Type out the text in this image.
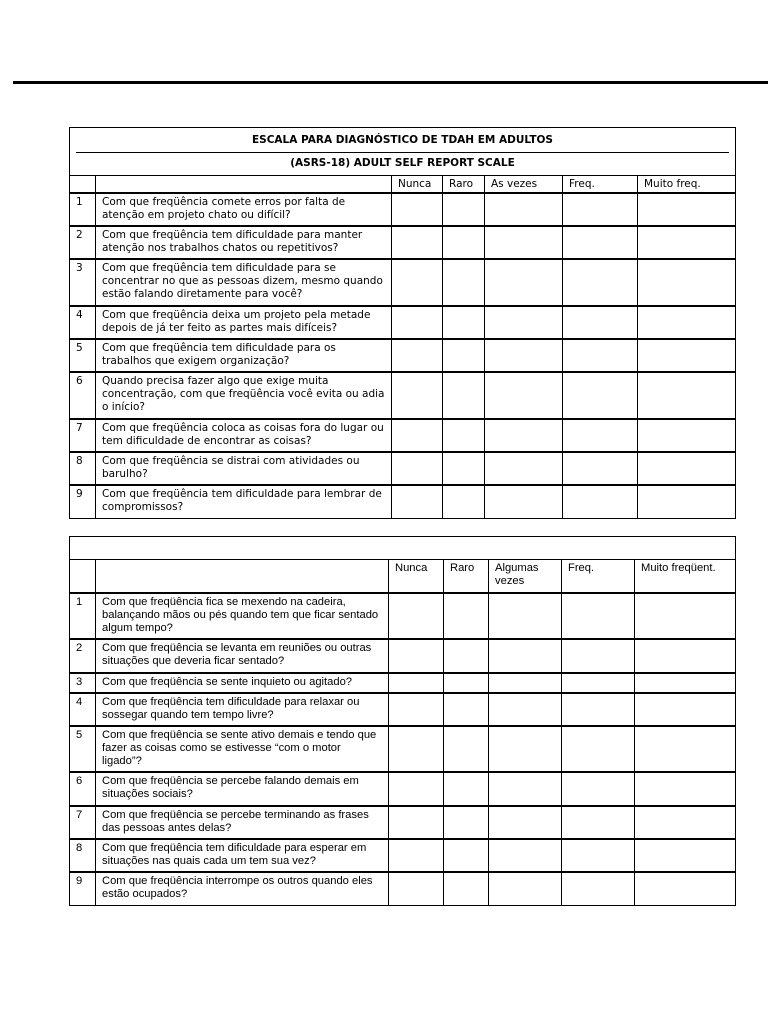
ESCALA PARA DIAGNÓSTICO DE TDAH EM ADULTOS
(ASRS-18) ADULT SELF REPORT SCALE						

		Nunca	Raro	As vezes	Freq.	Muito freq.
1	Com que freqüência comete erros por falta de atenção em projeto chato ou difícil?					
2	Com que freqüência tem dificuldade para manter atenção nos trabalhos chatos ou repetitivos?					
3	Com que freqüência tem dificuldade para se concentrar no que as pessoas dizem, mesmo quando estão falando diretamente para você?					
4	Com que freqüência deixa um projeto pela metade depois de já ter feito as partes mais difíceis?					
5	Com que freqüência tem dificuldade para os trabalhos que exigem organização?					
6	Quando precisa fazer algo que exige muita concentração, com que freqüência você evita ou adia o início?					
7	Com que freqüência coloca as coisas fora do lugar ou tem dificuldade de encontrar as coisas?					
8	Com que freqüência se distrai com atividades ou barulho?					
9	Com que freqüência tem dificuldade para lembrar de compromissos?					

		Nunca	Raro	Algumas vezes	Freq.	Muito freqüent.
1	Com que freqüência fica se mexendo na cadeira, balançando mãos ou pés quando tem que ficar sentado algum tempo?					
2	Com que freqüência se levanta em reuniões ou outras situações que deveria ficar sentado?					
3	Com que freqüência se sente inquieto ou agitado?					
4	Com que freqüência tem dificuldade para relaxar ou sossegar quando tem tempo livre?					
5	Com que freqüência se sente ativo demais e tendo que fazer as coisas como se estivesse “com o motor ligado”?					
6	Com que freqüência se percebe falando demais em situações sociais?					
7	Com que freqüência se percebe terminando as frases das pessoas antes delas?					
8	Com que freqüência tem dificuldade para esperar em situações nas quais cada um tem sua vez?					
9	Com que freqüência interrompe os outros quando eles estão ocupados?					
